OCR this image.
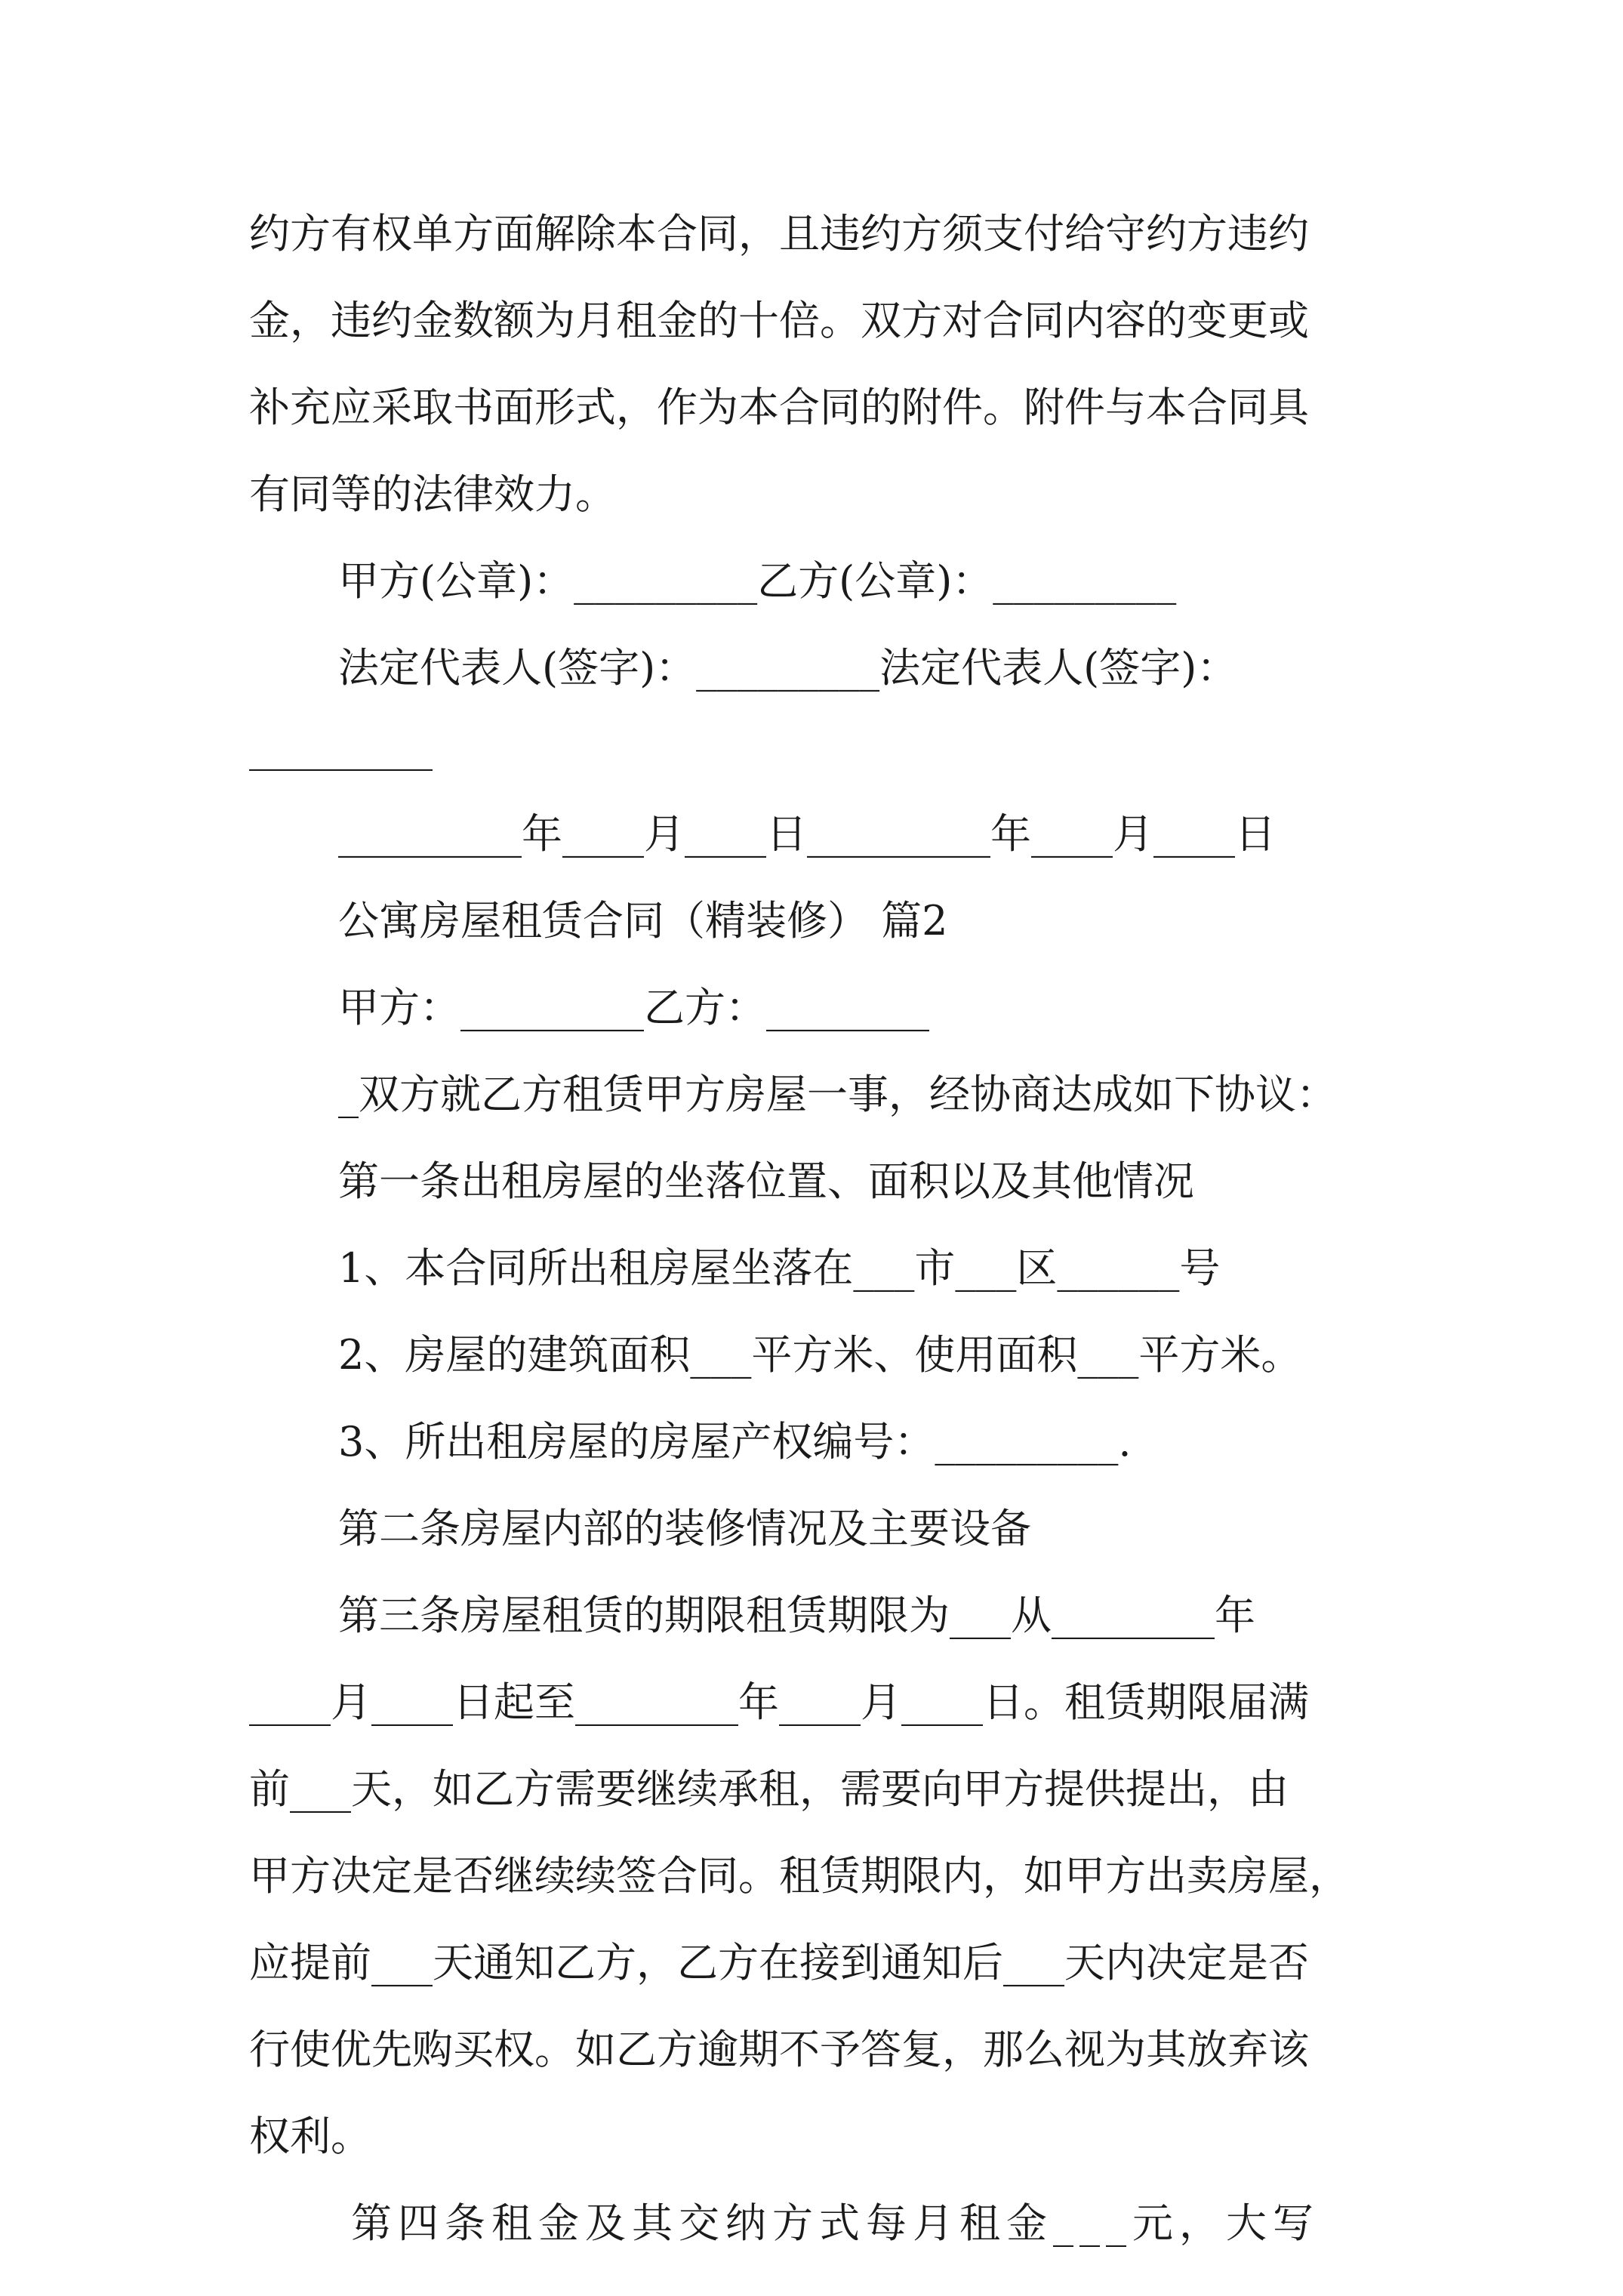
约方有权单方面解除本合同，且违约方须支付给守约方违约
金，违约金数额为月租金的十倍。双方对合同内容的变更或
补充应采取书面形式，作为本合同的附件。附件与本合同具
有同等的法律效力。
甲方(公章)：_________乙方(公章)：_________
法定代表人(签字)：_________法定代表人(签字)：
_________
_________年____月____日_________年____月____日
公寓房屋租赁合同（精装修） 篇2
甲方：_________乙方：________
_双方就乙方租赁甲方房屋一事，经协商达成如下协议：
第一条出租房屋的坐落位置、面积以及其他情况
1、本合同所出租房屋坐落在___市___区______号
2、房屋的建筑面积___平方米、使用面积___平方米。
3、所出租房屋的房屋产权编号：_________.
第二条房屋内部的装修情况及主要设备
第三条房屋租赁的期限租赁期限为___从________年
____月____日起至________年____月____日。租赁期限届满
前___天，如乙方需要继续承租，需要向甲方提供提出，由
甲方决定是否继续续签合同。租赁期限内，如甲方出卖房屋，
应提前___天通知乙方，乙方在接到通知后___天内决定是否
行使优先购买权。如乙方逾期不予答复，那么视为其放弃该
权利。
第四条租金及其交纳方式每月租金___元，大写
